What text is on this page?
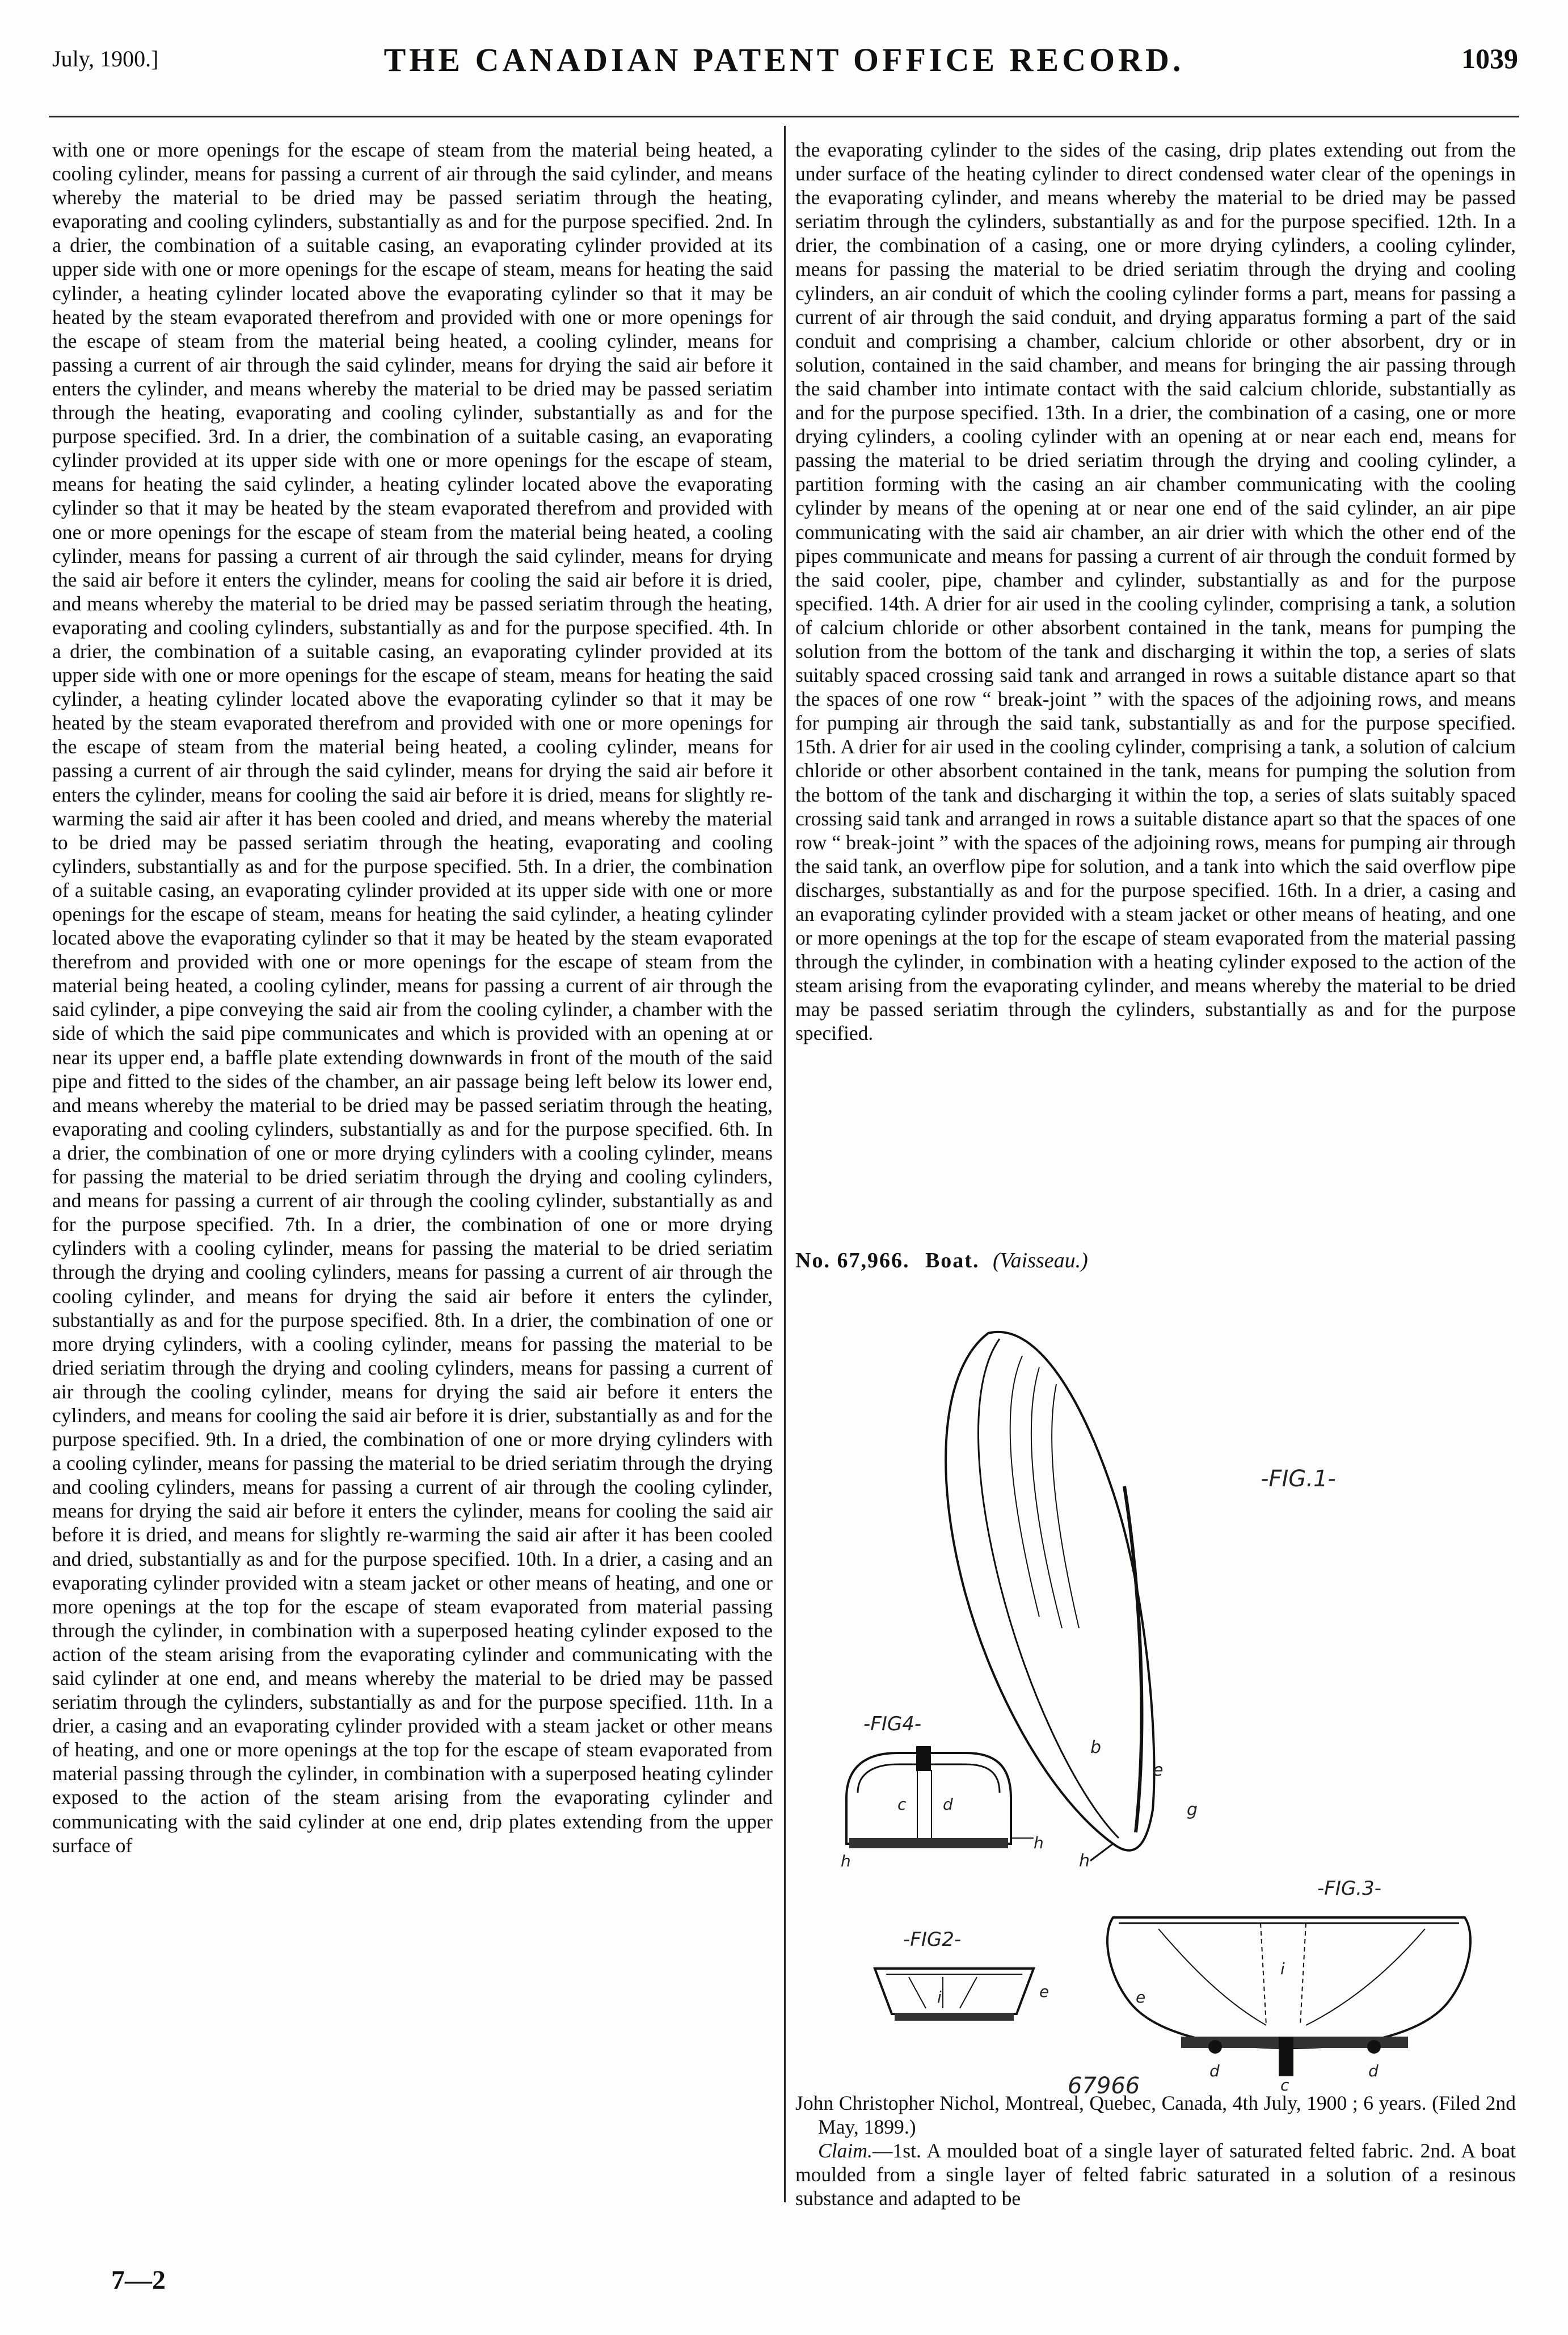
July, 1900.]	THE CANADIAN PATENT OFFICE RECORD.	1039

with one or more openings for the escape of steam from the material being heated, a cooling cylinder, means for passing a current of air through the said cylinder, and means whereby the material to be dried may be passed seriatim through the heating, evaporating and cooling cylinders, substantially as and for the purpose specified. 2nd. In a drier, the combination of a suitable casing, an evaporating cylinder provided at its upper side with one or more openings for the escape of steam, means for heating the said cylinder, a heating cylinder located above the evaporating cylinder so that it may be heated by the steam evaporated therefrom and provided with one or more openings for the escape of steam from the material being heated, a cooling cylinder, means for passing a current of air through the said cylinder, means for drying the said air before it enters the cylinder, and means whereby the material to be dried may be passed seriatim through the heating, evaporating and cooling cylinder, substantially as and for the purpose specified. 3rd. In a drier, the combination of a suitable casing, an evaporating cylinder provided at its upper side with one or more openings for the escape of steam, means for heating the said cylinder, a heating cylinder located above the evaporating cylinder so that it may be heated by the steam evaporated therefrom and provided with one or more openings for the escape of steam from the material being heated, a cooling cylinder, means for passing a current of air through the said cylinder, means for drying the said air before it enters the cylinder, means for cooling the said air before it is dried, and means whereby the material to be dried may be passed seriatim through the heating, evaporating and cooling cylinders, substantially as and for the purpose specified. 4th. In a drier, the combination of a suitable casing, an evaporating cylinder provided at its upper side with one or more openings for the escape of steam, means for heating the said cylinder, a heating cylinder located above the evaporating cylinder so that it may be heated by the steam evaporated therefrom and provided with one or more openings for the escape of steam from the material being heated, a cooling cylinder, means for passing a current of air through the said cylinder, means for drying the said air before it enters the cylinder, means for cooling the said air before it is dried, means for slightly re-warming the said air after it has been cooled and dried, and means whereby the material to be dried may be passed seriatim through the heating, evaporating and cooling cylinders, substantially as and for the purpose specified. 5th. In a drier, the combination of a suitable casing, an evaporating cylinder provided at its upper side with one or more openings for the escape of steam, means for heating the said cylinder, a heating cylinder located above the evaporating cylinder so that it may be heated by the steam evaporated therefrom and provided with one or more openings for the escape of steam from the material being heated, a cooling cylinder, means for passing a current of air through the said cylinder, a pipe conveying the said air from the cooling cylinder, a chamber with the side of which the said pipe communicates and which is provided with an opening at or near its upper end, a baffle plate extending downwards in front of the mouth of the said pipe and fitted to the sides of the chamber, an air passage being left below its lower end, and means whereby the material to be dried may be passed seriatim through the heating, evaporating and cooling cylinders, substantially as and for the purpose specified. 6th. In a drier, the combination of one or more drying cylinders with a cooling cylinder, means for passing the material to be dried seriatim through the drying and cooling cylinders, and means for passing a current of air through the cooling cylinder, substantially as and for the purpose specified. 7th. In a drier, the combination of one or more drying cylinders with a cooling cylinder, means for passing the material to be dried seriatim through the drying and cooling cylinders, means for passing a current of air through the cooling cylinder, and means for drying the said air before it enters the cylinder, substantially as and for the purpose specified. 8th. In a drier, the combination of one or more drying cylinders, with a cooling cylinder, means for passing the material to be dried seriatim through the drying and cooling cylinders, means for passing a current of air through the cooling cylinder, means for drying the said air before it enters the cylinders, and means for cooling the said air before it is drier, substantially as and for the purpose specified. 9th. In a dried, the combination of one or more drying cylinders with a cooling cylinder, means for passing the material to be dried seriatim through the drying and cooling cylinders, means for passing a current of air through the cooling cylinder, means for drying the said air before it enters the cylinder, means for cooling the said air before it is dried, and means for slightly re-warming the said air after it has been cooled and dried, substantially as and for the purpose specified. 10th. In a drier, a casing and an evaporating cylinder provided witn a steam jacket or other means of heating, and one or more openings at the top for the escape of steam evaporated from material passing through the cylinder, in combination with a superposed heating cylinder exposed to the action of the steam arising from the evaporating cylinder and communicating with the said cylinder at one end, and means whereby the material to be dried may be passed seriatim through the cylinders, substantially as and for the purpose specified. 11th. In a drier, a casing and an evaporating cylinder provided with a steam jacket or other means of heating, and one or more openings at the top for the escape of steam evaporated from material passing through the cylinder, in combination with a superposed heating cylinder exposed to the action of the steam arising from the evaporating cylinder and communicating with the said cylinder at one end, drip plates extending from the upper surface of

the evaporating cylinder to the sides of the casing, drip plates extending out from the under surface of the heating cylinder to direct condensed water clear of the openings in the evaporating cylinder, and means whereby the material to be dried may be passed seriatim through the cylinders, substantially as and for the purpose specified. 12th. In a drier, the combination of a casing, one or more drying cylinders, a cooling cylinder, means for passing the material to be dried seriatim through the drying and cooling cylinders, an air conduit of which the cooling cylinder forms a part, means for passing a current of air through the said conduit, and drying apparatus forming a part of the said conduit and comprising a chamber, calcium chloride or other absorbent, dry or in solution, contained in the said chamber, and means for bringing the air passing through the said chamber into intimate contact with the said calcium chloride, substantially as and for the purpose specified. 13th. In a drier, the combination of a casing, one or more drying cylinders, a cooling cylinder with an opening at or near each end, means for passing the material to be dried seriatim through the drying and cooling cylinder, a partition forming with the casing an air chamber communicating with the cooling cylinder by means of the opening at or near one end of the said cylinder, an air pipe communicating with the said air chamber, an air drier with which the other end of the pipes communicate and means for passing a current of air through the conduit formed by the said cooler, pipe, chamber and cylinder, substantially as and for the purpose specified. 14th. A drier for air used in the cooling cylinder, comprising a tank, a solution of calcium chloride or other absorbent contained in the tank, means for pumping the solution from the bottom of the tank and discharging it within the top, a series of slats suitably spaced crossing said tank and arranged in rows a suitable distance apart so that the spaces of one row “ break-joint ” with the spaces of the adjoining rows, and means for pumping air through the said tank, substantially as and for the purpose specified. 15th. A drier for air used in the cooling cylinder, comprising a tank, a solution of calcium chloride or other absorbent contained in the tank, means for pumping the solution from the bottom of the tank and discharging it within the top, a series of slats suitably spaced crossing said tank and arranged in rows a suitable distance apart so that the spaces of one row “ break-joint ” with the spaces of the adjoining rows, means for pumping air through the said tank, an overflow pipe for solution, and a tank into which the said overflow pipe discharges, substantially as and for the purpose specified. 16th. In a drier, a casing and an evaporating cylinder provided with a steam jacket or other means of heating, and one or more openings at the top for the escape of steam evaporated from the material passing through the cylinder, in combination with a heating cylinder exposed to the action of the steam arising from the evaporating cylinder, and means whereby the material to be dried may be passed seriatim through the cylinders, substantially as and for the purpose specified.

No. 67,966. Boat. (Vaisseau.)
-FIG.1-
-FIG4-
-FIG2-
-FIG.3-
67966
b
e
g
h
c d
h
h
i
i
e
c
d	d
e

John Christopher Nichol, Montreal, Quebec, Canada, 4th July, 1900 ; 6 years. (Filed 2nd May, 1899.)

Claim.—1st. A moulded boat of a single layer of saturated felted fabric. 2nd. A boat moulded from a single layer of felted fabric saturated in a solution of a resinous substance and adapted to be

7—2
